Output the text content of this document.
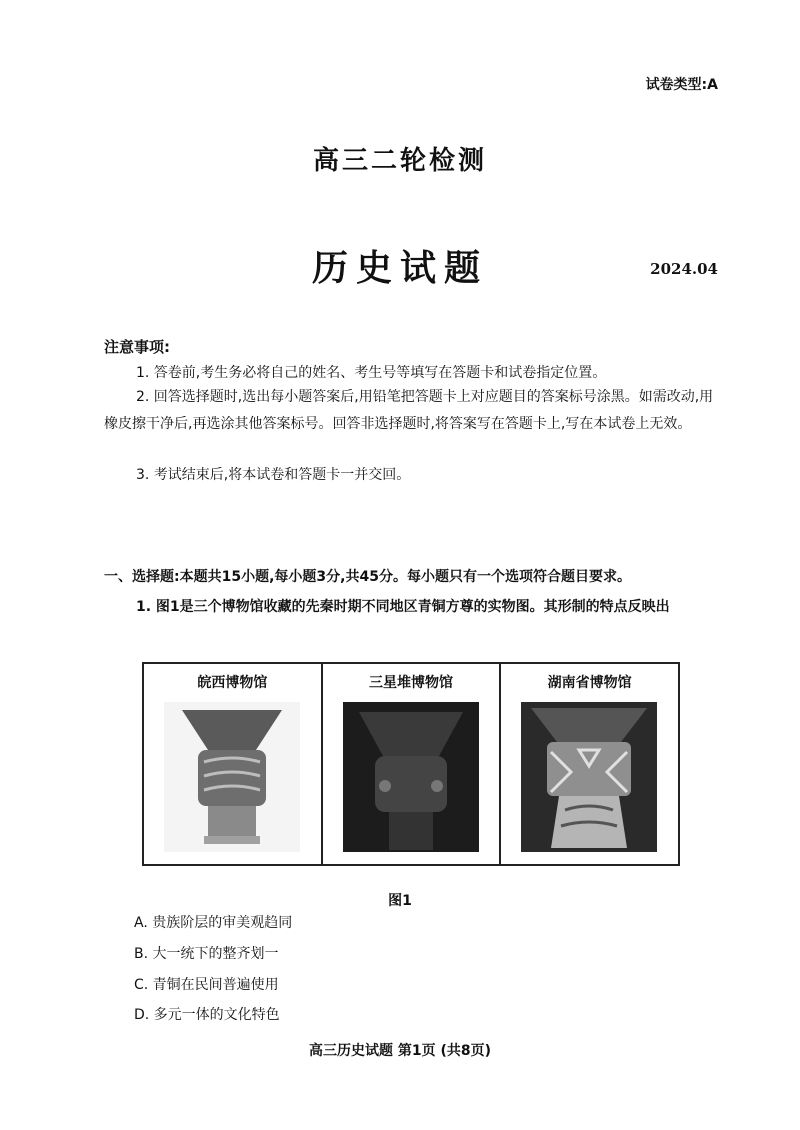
试卷类型:A
高三二轮检测
历史试题	2024.04
注意事项:
1. 答卷前,考生务必将自己的姓名、考生号等填写在答题卡和试卷指定位置。
2. 回答选择题时,选出每小题答案后,用铅笔把答题卡上对应题目的答案标号涂黑。如需改动,用橡皮擦干净后,再选涂其他答案标号。回答非选择题时,将答案写在答题卡上,写在本试卷上无效。
3. 考试结束后,将本试卷和答题卡一并交回。
一、选择题:本题共15小题,每小题3分,共45分。每小题只有一个选项符合题目要求。
1. 图1是三个博物馆收藏的先秦时期不同地区青铜方尊的实物图。其形制的特点反映出
皖西博物馆	三星堆博物馆	湖南省博物馆
图1
A. 贵族阶层的审美观趋同
B. 大一统下的整齐划一
C. 青铜在民间普遍使用
D. 多元一体的文化特色
高三历史试题 第1页 (共8页)
